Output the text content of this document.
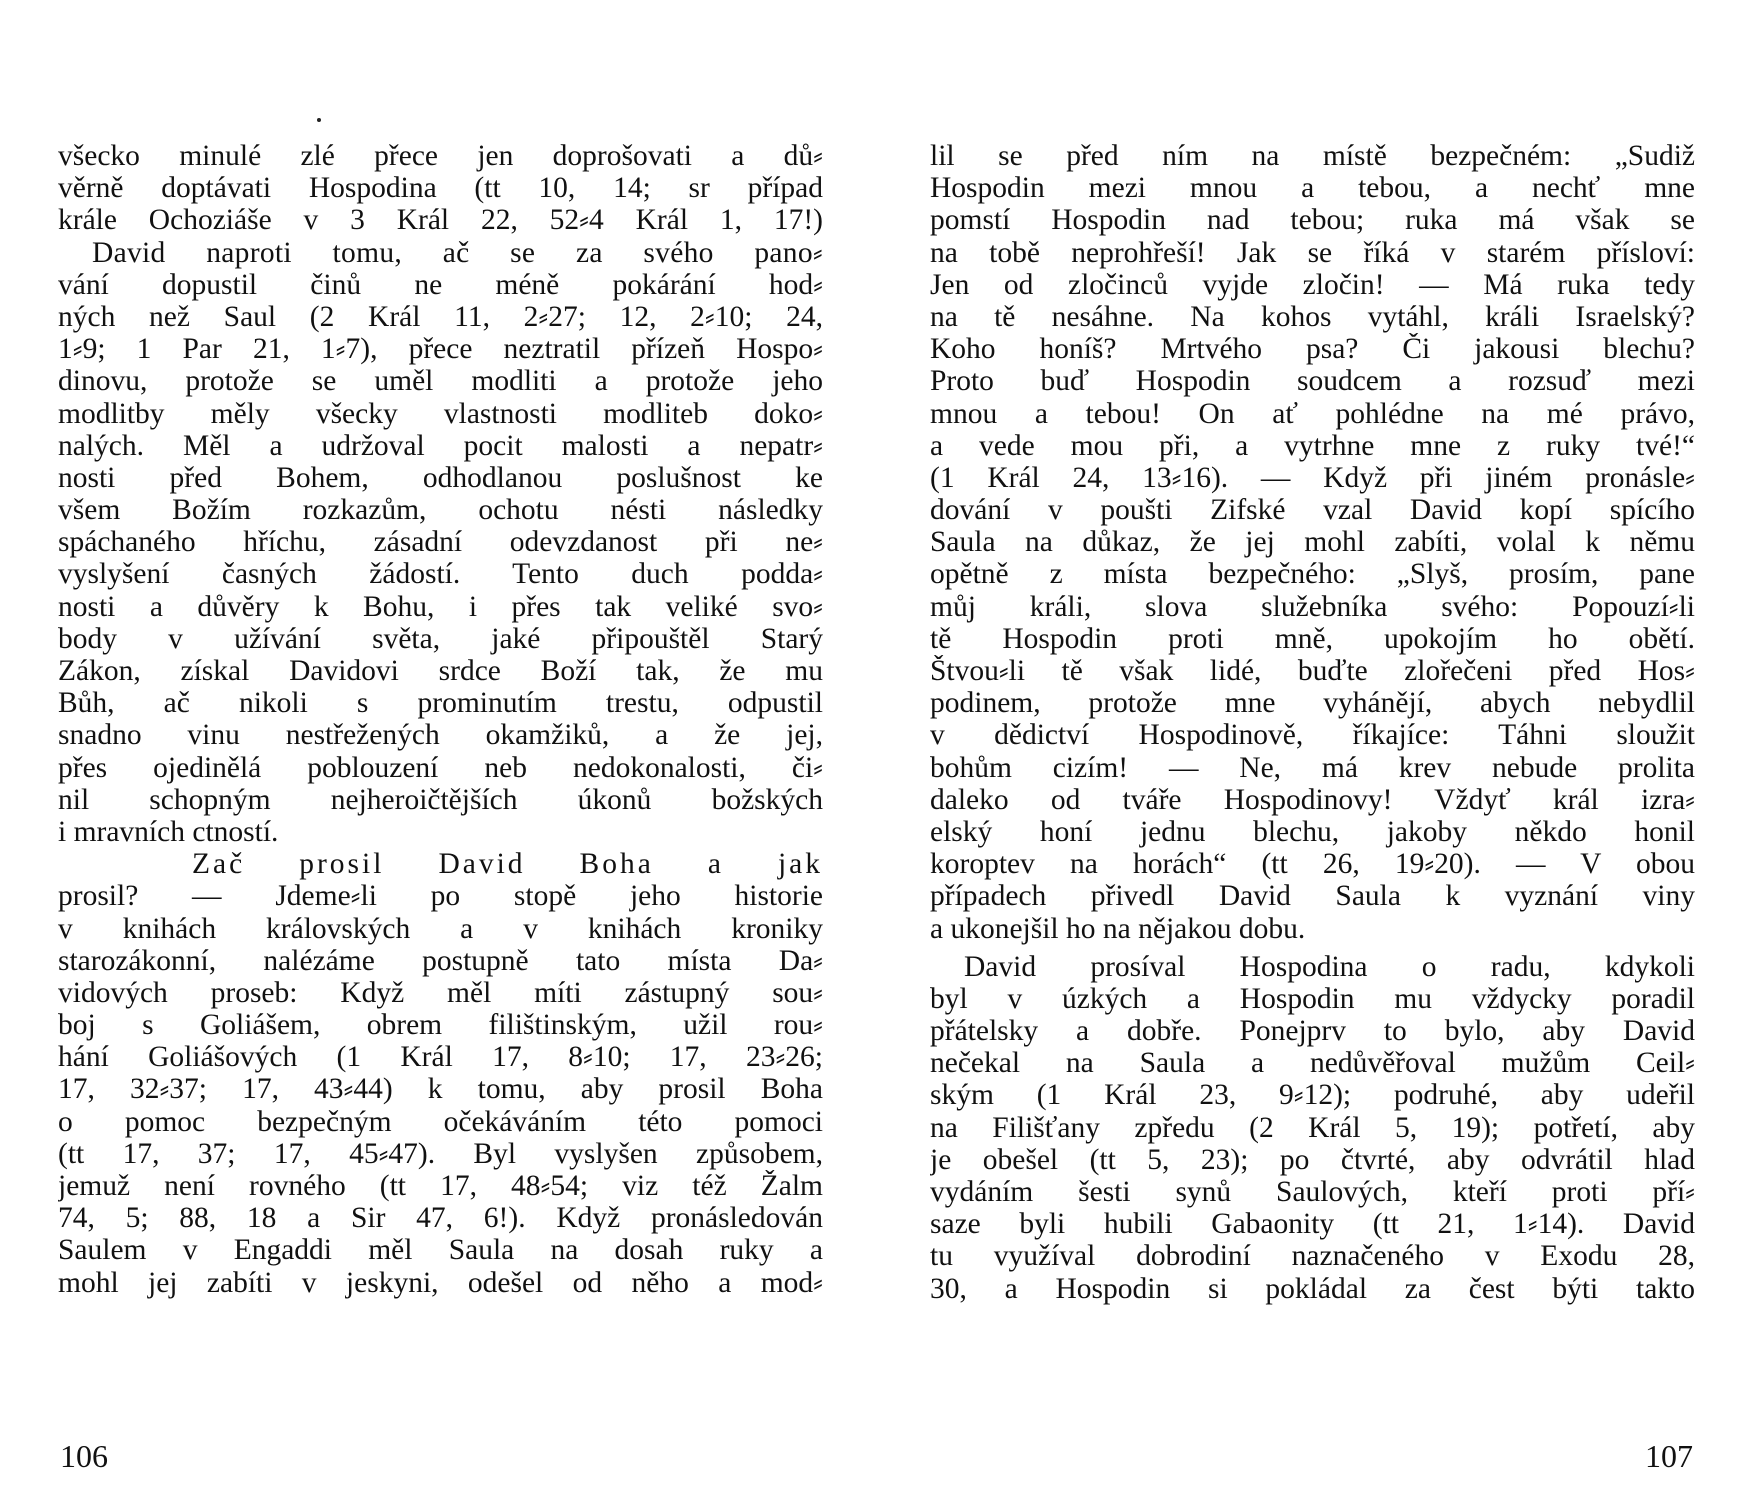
všecko minulé zlé přece jen doprošovati a dů⸗
věrně doptávati Hospodina (tt 10, 14; sr případ
krále Ochoziáše v 3 Král 22, 52⸗4 Král 1, 17!)
David naproti tomu, ač se za svého pano⸗
vání dopustil činů ne méně pokárání hod⸗
ných než Saul (2 Král 11, 2⸗27; 12, 2⸗10; 24,
1⸗9; 1 Par 21, 1⸗7), přece neztratil přízeň Hospo⸗
dinovu, protože se uměl modliti a protože jeho
modlitby měly všecky vlastnosti modliteb doko⸗
nalých. Měl a udržoval pocit malosti a nepatr⸗
nosti před Bohem, odhodlanou poslušnost ke
všem Božím rozkazům, ochotu nésti následky
spáchaného hříchu, zásadní odevzdanost při ne⸗
vyslyšení časných žádostí. Tento duch podda⸗
nosti a důvěry k Bohu, i přes tak veliké svo⸗
body v užívání světa, jaké připouštěl Starý
Zákon, získal Davidovi srdce Boží tak, že mu
Bůh, ač nikoli s prominutím trestu, odpustil
snadno vinu nestřežených okamžiků, a že jej,
přes ojedinělá poblouzení neb nedokonalosti, či⸗
nil schopným nejheroičtějších úkonů božských
i mravních ctností.
Zač prosil David Boha a jak
prosil? — Jdeme⸗li po stopě jeho historie
v knihách královských a v knihách kroniky
starozákonní, nalézáme postupně tato místa Da⸗
vidových proseb: Když měl míti zástupný sou⸗
boj s Goliášem, obrem filištinským, užil rou⸗
hání Goliášových (1 Král 17, 8⸗10; 17, 23⸗26;
17, 32⸗37; 17, 43⸗44) k tomu, aby prosil Boha
o pomoc bezpečným očekáváním této pomoci
(tt 17, 37; 17, 45⸗47). Byl vyslyšen způsobem,
jemuž není rovného (tt 17, 48⸗54; viz též Žalm
74, 5; 88, 18 a Sir 47, 6!). Když pronásledován
Saulem v Engaddi měl Saula na dosah ruky a
mohl jej zabíti v jeskyni, odešel od něho a mod⸗
lil se před ním na místě bezpečném: „Sudiž
Hospodin mezi mnou a tebou, a nechť mne
pomstí Hospodin nad tebou; ruka má však se
na tobě neprohřeší! Jak se říká v starém přísloví:
Jen od zločinců vyjde zločin! — Má ruka tedy
na tě nesáhne. Na kohos vytáhl, králi Israelský?
Koho honíš? Mrtvého psa? Či jakousi blechu?
Proto buď Hospodin soudcem a rozsuď mezi
mnou a tebou! On ať pohlédne na mé právo,
a vede mou při, a vytrhne mne z ruky tvé!“
(1 Král 24, 13⸗16). — Když při jiném pronásle⸗
dování v poušti Zifské vzal David kopí spícího
Saula na důkaz, že jej mohl zabíti, volal k němu
opětně z místa bezpečného: „Slyš, prosím, pane
můj králi, slova služebníka svého: Popouzí⸗li
tě Hospodin proti mně, upokojím ho obětí.
Štvou⸗li tě však lidé, buďte zlořečeni před Hos⸗
podinem, protože mne vyhánějí, abych nebydlil
v dědictví Hospodinově, říkajíce: Táhni sloužit
bohům cizím! — Ne, má krev nebude prolita
daleko od tváře Hospodinovy! Vždyť král izra⸗
elský honí jednu blechu, jakoby někdo honil
koroptev na horách“ (tt 26, 19⸗20). — V obou
případech přivedl David Saula k vyznání viny
a ukonejšil ho na nějakou dobu.
David prosíval Hospodina o radu, kdykoli
byl v úzkých a Hospodin mu vždycky poradil
přátelsky a dobře. Ponejprv to bylo, aby David
nečekal na Saula a nedůvěřoval mužům Ceil⸗
ským (1 Král 23, 9⸗12); podruhé, aby udeřil
na Filišťany zpředu (2 Král 5, 19); potřetí, aby
je obešel (tt 5, 23); po čtvrté, aby odvrátil hlad
vydáním šesti synů Saulových, kteří proti pří⸗
saze byli hubili Gabaonity (tt 21, 1⸗14). David
tu využíval dobrodiní naznačeného v Exodu 28,
30, a Hospodin si pokládal za čest býti takto
106	107
